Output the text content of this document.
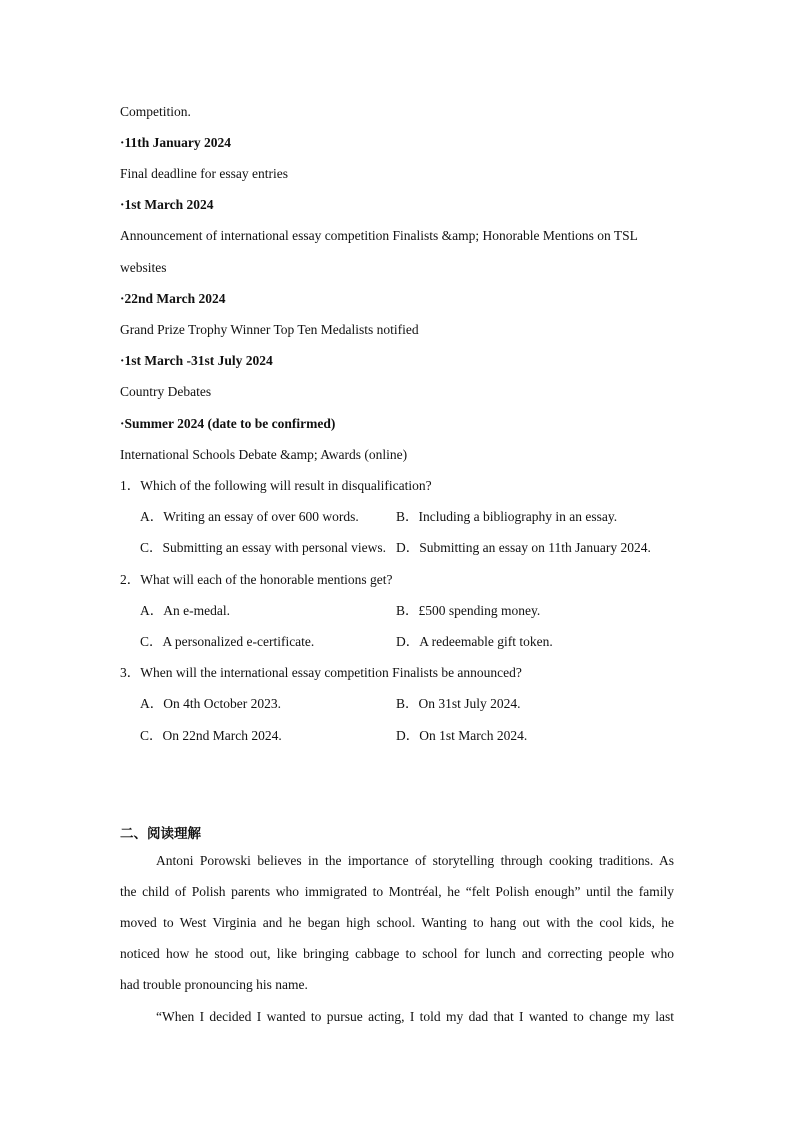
Competition.
·11th January 2024
Final deadline for essay entries
·1st March 2024
Announcement of international essay competition Finalists &amp; Honorable Mentions on TSL
websites
·22nd March 2024
Grand Prize Trophy Winner Top Ten Medalists notified
·1st March -31st July 2024
Country Debates
·Summer 2024 (date to be confirmed)
International Schools Debate &amp; Awards (online)
1．Which of the following will result in disqualification?
A．Writing an essay of over 600 words.	B．Including a bibliography in an essay.
C．Submitting an essay with personal views. D．Submitting an essay on 11th January 2024.
2．What will each of the honorable mentions get?
A．An e-medal.	B．£500 spending money.
C．A personalized e-certificate.	D．A redeemable gift token.
3．When will the international essay competition Finalists be announced?
A．On 4th October 2023.	B．On 31st July 2024.
C．On 22nd March 2024.	D．On 1st March 2024.
二、阅读理解
Antoni Porowski believes in the importance of storytelling through cooking traditions. As
the child of Polish parents who immigrated to Montréal, he “felt Polish enough” until the family
moved to West Virginia and he began high school. Wanting to hang out with the cool kids, he
noticed how he stood out, like bringing cabbage to school for lunch and correcting people who
had trouble pronouncing his name.
“When I decided I wanted to pursue acting, I told my dad that I wanted to change my last
